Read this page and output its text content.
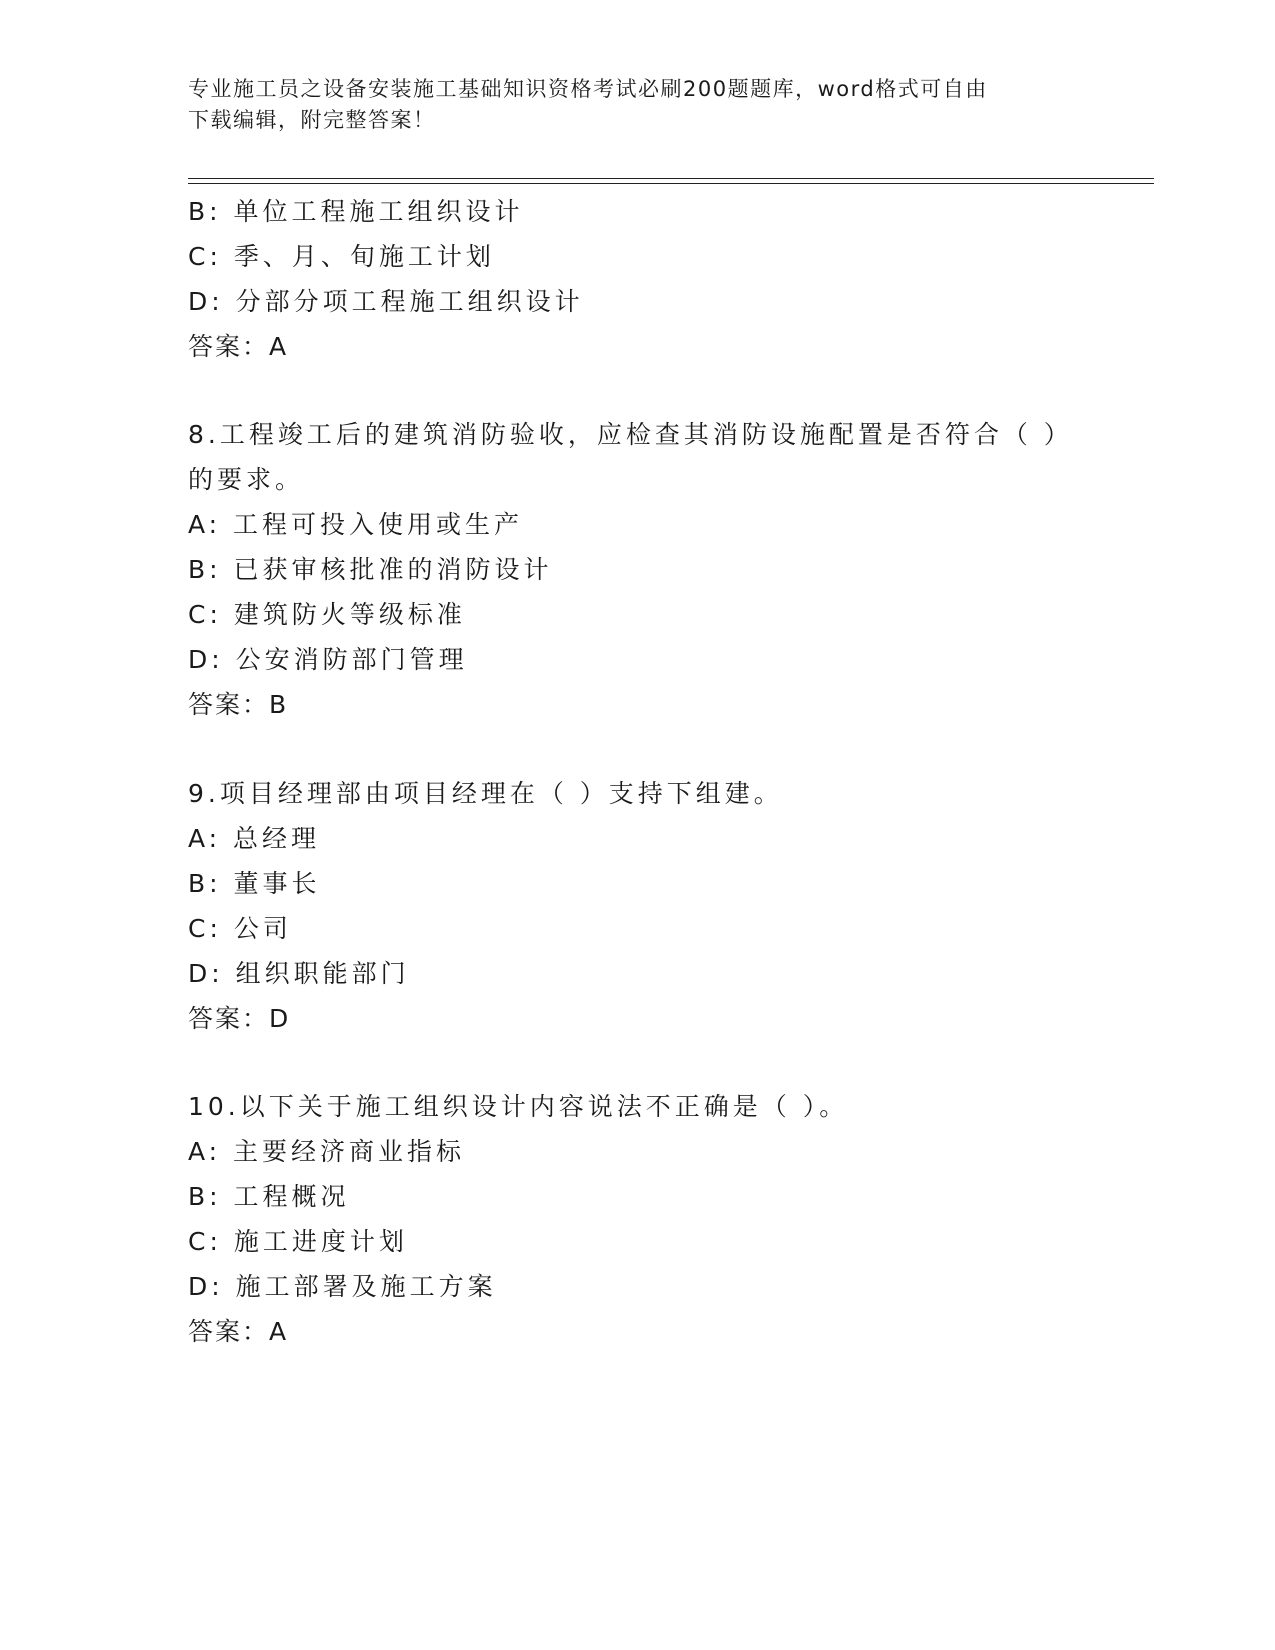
专业施工员之设备安装施工基础知识资格考试必刷200题题库，word格式可自由
下载编辑，附完整答案！
B: 单位工程施工组织设计
C: 季、月、旬施工计划
D: 分部分项工程施工组织设计
答案：A
8.工程竣工后的建筑消防验收，应检查其消防设施配置是否符合（ ）
的要求。
A: 工程可投入使用或生产
B: 已获审核批准的消防设计
C: 建筑防火等级标准
D: 公安消防部门管理
答案：B
9.项目经理部由项目经理在（ ）支持下组建。
A: 总经理
B: 董事长
C: 公司
D: 组织职能部门
答案：D
10.以下关于施工组织设计内容说法不正确是（ ）。
A: 主要经济商业指标
B: 工程概况
C: 施工进度计划
D: 施工部署及施工方案
答案：A
